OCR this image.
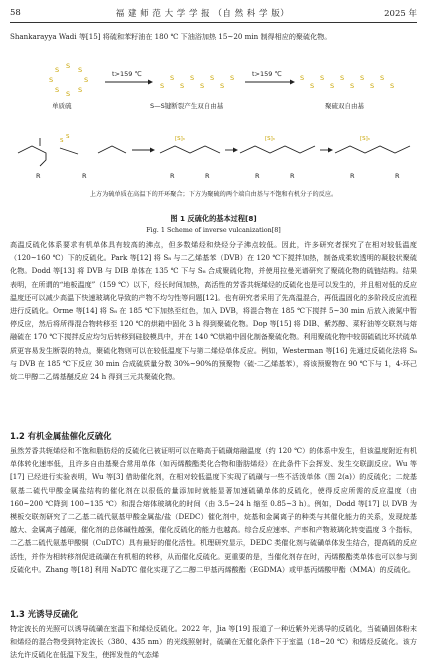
58	福 建 师 范 大 学 学 报 （自 然 科 学 版）	2025 年

Shankarayya Wadi 等[15] 将硫和苯籽油在 180 ℃ 下油浴加热 15~20 min 制得相应的聚硫化物。

S S S
S
S
S
S
S
单质硫
t>159 ℃
S
S
S
S
S
S
S
S
S—S键断裂产生双自由基
t>159 ℃	S
S
S
S
S
S
S
S
S
S
聚硫双自由基
R	R	R	R	R	R	R	R
S
S	[S]ₙ	[S]ₙ	[S]ₙ
上方为硫单质在高温下的开环聚合；下方为聚硫的两个端自由基与不饱和有机分子的反应。
图 1 反硫化的基本过程[8]
Fig. 1 Scheme of inverse vulcanization[8]

高温反硫化体系要求有机单体具有较高的沸点，但多数烯烃和炔烃分子沸点较低。因此，许多研究者探究了在相对较低温度（120~160 ℃）下的反硫化。Park 等[12] 将 S₈ 与二乙烯基苯（DVB）在 120 ℃下搅拌加热，制备成柔软透明的凝胶状聚硫化物。Dodd 等[13] 将 DVB 与 DIB 单体在 135 ℃ 下与 S₈ 合成聚硫化物，并使用拉曼光谱研究了聚硫化物的硫链结构。结果表明，在所谓的“地板温度”（159 ℃）以下，经长时间加热，高活性的芳香共轭烯烃的反硫化也是可以发生的，并且相对低的反应温度还可以减少高温下快速玻璃化导致的产物不均匀性等问题[12]。也有研究者采用了先高温混合，再低温固化的多阶段反应流程进行反硫化。Orme 等[14] 将 S₈ 在 185 ℃下加热至红色，加入 DVB，将混合物在 185 ℃下搅拌 5~30 min 后放入液氮中暂停反应，然后将所得混合物转移至 120 ℃的烘箱中固化 3 h 得到聚硫化物。Dop 等[15] 将 DIB、紫苏醇、菜籽油等交联剂与熔融硫在 170 ℃下搅拌反应均匀后转移到硅胶模具中，并在 140 ℃烘箱中固化制备聚硫化物。利用聚硫化物中较弱硫硫比环状硫单质更容易发生断裂的特点，聚硫化物则可以在较低温度下与第二烯烃单体反应。例如，Westerman 等[16] 先通过反硫化法将 S₈ 与 DVB 在 185 ℃下反应 30 min 合成硫质量分数 30%~90%的预聚物（硫-二乙烯基苯），将该预聚物在 90 ℃下与 1，4-环己烷二甲醇二乙烯基醚反应 24 h 得到三元共聚硫化物。

1.2 有机金属盐催化反硫化

虽然芳香共轭烯烃和不饱和脂肪烃的反硫化已被证明可以在略高于硫磺熔融温度（约 120 ℃）的体系中发生，但该温度附近有机单体转化速率低，且许多自由基聚合常用单体（如丙烯酸酯类化合物和脂肪烯烃）在此条件下会挥发、发生交联副反应。Wu 等[17] 已经进行实验表明，Wu 等[3] 借助催化剂，在相对较低温度下实现了硫磺与一些不活泼单体（图 2(a)）的反硫化；二烷基氨基二硫代甲酸金属盐结构的催化剂在以很低的量添加时就能显著加速硫磺单体的反硫化，使得反应所需的反应温度（由 160~200 ℃降到 100~135 ℃）和混合熔体玻璃化的时间（由 3.5~24 h 缩至 0.85~3 h）。例如，Dodd 等[17] 以 DVB 为模板交联剂研究了二乙基二硫代氨基甲酸金属盐/盐（DEDC）催化剂中，烷基和金属离子的种类与其催化能力的关系，发现烷基越大、金属离子越硬，催化剂的总体碱性越强，催化反硫化的能力也越高。综合反应速率、产率和产物玻璃化转变温度 3 个指标，二乙基二硫代氨基甲酸铜（CuDTC）具有最好的催化活性。机理研究显示，DEDC 类催化剂与硫磺单体发生结合，提高硫的反应活性，并作为相转移剂促进硫磺在有机相的转移，从而催化反硫化。更重要的是，当催化剂存在时，丙烯酸酯类单体也可以参与到反硫化中。Zhang 等[18] 利用 NaDTC 催化实现了乙二醇二甲基丙烯酸酯（EGDMA）或甲基丙烯酸甲酯（MMA）的反硫化。

1.3 光诱导反硫化

特定波长的光照可以诱导硫磺在室温下和烯烃反硫化。2022 年，Jia 等[19] 报道了一种近紫外光诱导的反硫化，当硫磺固体粉末和烯烃的混合物受到特定波长（380、435 nm）的光线照射时，硫磺在无催化条件下于室温（18~20 ℃）和烯烃反硫化。该方法允许反硫化在低温下发生，使挥发性的气态烯
